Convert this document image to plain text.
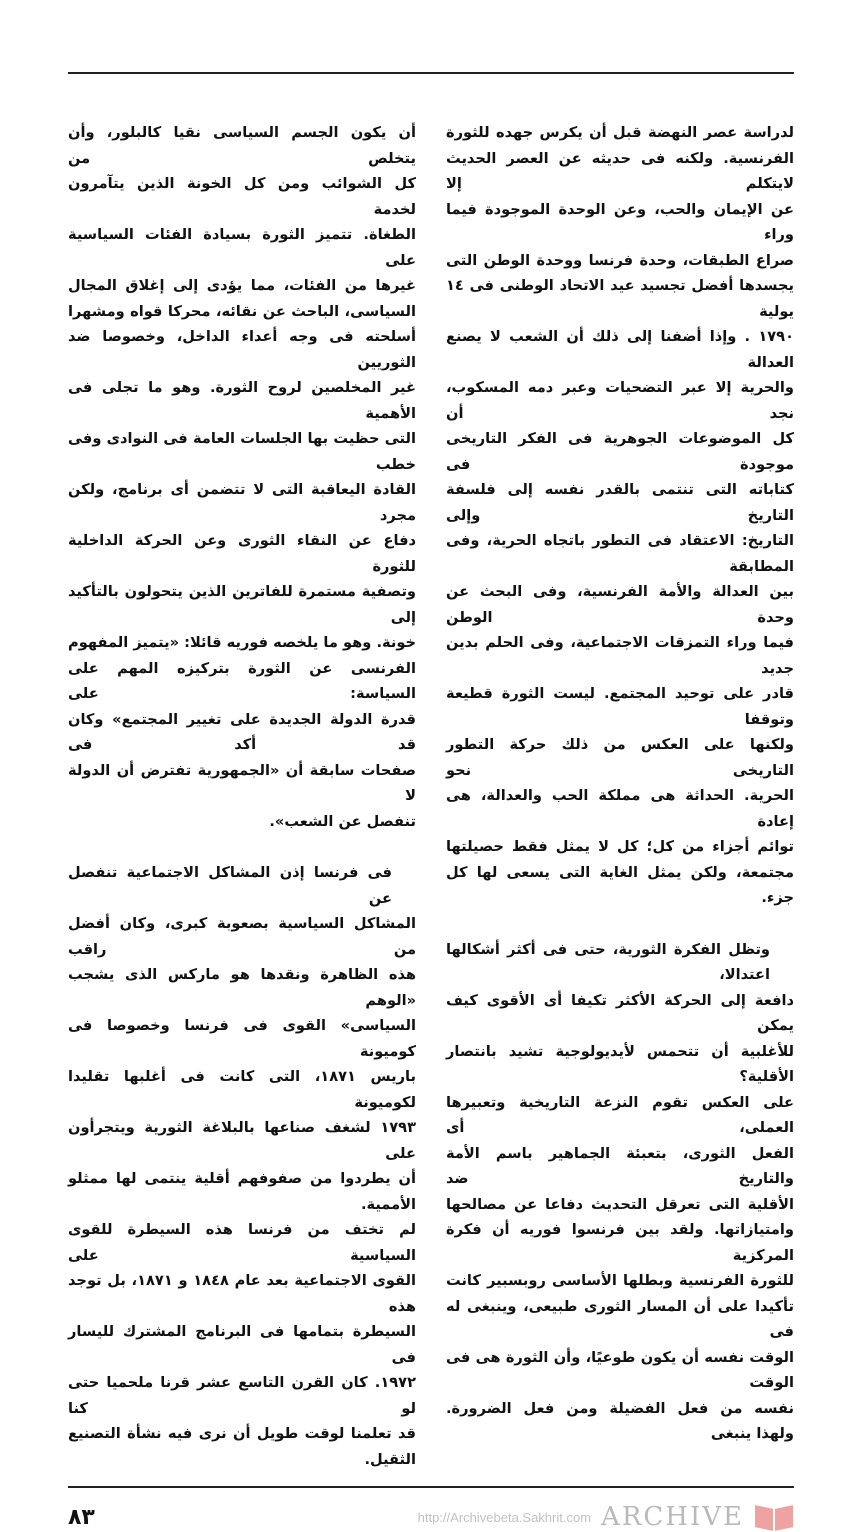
لدراسة عصر النهضة قبل أن يكرس جهده للثورة
الفرنسية. ولكنه فى حديثه عن العصر الحديث لايتكلم إلا
عن الإيمان والحب، وعن الوحدة الموجودة فيما وراء
صراع الطبقات، وحدة فرنسا ووحدة الوطن التى
يجسدها أفضل تجسيد عيد الاتحاد الوطنى فى ١٤ يولية
١٧٩٠ . وإذا أضفنا إلى ذلك أن الشعب لا يصنع العدالة
والحرية إلا عبر التضحيات وعبر دمه المسكوب، نجد أن
كل الموضوعات الجوهرية فى الفكر التاريخى موجودة فى
كتاباته التى تنتمى بالقدر نفسه إلى فلسفة التاريخ وإلى
التاريخ: الاعتقاد فى التطور باتجاه الحرية، وفى المطابقة
بين العدالة والأمة الفرنسية، وفى البحث عن وحدة الوطن
فيما وراء التمزقات الاجتماعية، وفى الحلم بدين جديد
قادر على توحيد المجتمع. ليست الثورة قطيعة وتوقفا
ولكنها على العكس من ذلك حركة التطور التاريخى نحو
الحرية. الحداثة هى مملكة الحب والعدالة، هى إعادة
توائم أجزاء من كل؛ كل لا يمثل فقط حصيلتها
مجتمعة، ولكن يمثل الغاية التى يسعى لها كل جزء.
وتظل الفكرة الثورية، حتى فى أكثر أشكالها اعتدالا،
دافعة إلى الحركة الأكثر تكيفا أى الأقوى كيف يمكن
للأغلبية أن تتحمس لأيديولوجية تشيد بانتصار الأقلية؟
على العكس تقوم النزعة التاريخية وتعبيرها العملى، أى
الفعل الثورى، بتعبئة الجماهير باسم الأمة والتاريخ ضد
الأقلية التى تعرقل التحديث دفاعا عن مصالحها
وامتيازاتها. ولقد بين فرنسوا فوريه أن فكرة المركزية
للثورة الفرنسية وبطلها الأساسى روبسبير كانت
تأكيدا على أن المسار الثورى طبيعى، وينبغى له فى
الوقت نفسه أن يكون طوعيًا، وأن الثورة هى فى الوقت
نفسه من فعل الفضيلة ومن فعل الضرورة. ولهذا ينبغى
أن يكون الجسم السياسى نقيا كالبلور، وأن يتخلص من
كل الشوائب ومن كل الخونة الذين يتآمرون لخدمة
الطغاة. تتميز الثورة بسيادة الفئات السياسية على
غيرها من الفئات، مما يؤدى إلى إغلاق المجال
السياسى، الباحث عن نقائه، محركا قواه ومشهرا
أسلحته فى وجه أعداء الداخل، وخصوصا ضد الثوريين
غير المخلصين لروح الثورة. وهو ما تجلى فى الأهمية
التى حظيت بها الجلسات العامة فى النوادى وفى خطب
القادة اليعاقبة التى لا تتضمن أى برنامج، ولكن مجرد
دفاع عن النقاء الثورى وعن الحركة الداخلية للثورة
وتصفية مستمرة للفاترين الذين يتحولون بالتأكيد إلى
خونة. وهو ما يلخصه فوريه قائلا: «يتميز المفهوم
الفرنسى عن الثورة بتركيزه المهم على السياسة: على
قدرة الدولة الجديدة على تغيير المجتمع» وكان قد أكد فى
صفحات سابقة أن «الجمهورية تفترض أن الدولة لا
تنفصل عن الشعب».
فى فرنسا إذن المشاكل الاجتماعية تنفصل عن
المشاكل السياسية بصعوبة كبرى، وكان أفضل من راقب
هذه الظاهرة ونقدها هو ماركس الذى يشجب «الوهم
السياسى» القوى فى فرنسا وخصوصا فى كوميونة
باريس ١٨٧١، التى كانت فى أغلبها تقليدا لكوميونة
١٧٩٣ لشغف صناعها بالبلاغة الثورية ويتجرأون على
أن يطردوا من صفوفهم أقلية ينتمى لها ممثلو الأممية.
لم تختف من فرنسا هذه السيطرة للقوى السياسية على
القوى الاجتماعية بعد عام ١٨٤٨ و ١٨٧١، بل توجد هذه
السيطرة بتمامها فى البرنامج المشترك لليسار فى
١٩٧٢. كان القرن التاسع عشر قرنا ملحميا حتى لو كنا
قد تعلمنا لوقت طويل أن نرى فيه نشأة التصنيع الثقيل.
٨٣	http://Archivebeta.Sakhrit.com ARCHIVE
